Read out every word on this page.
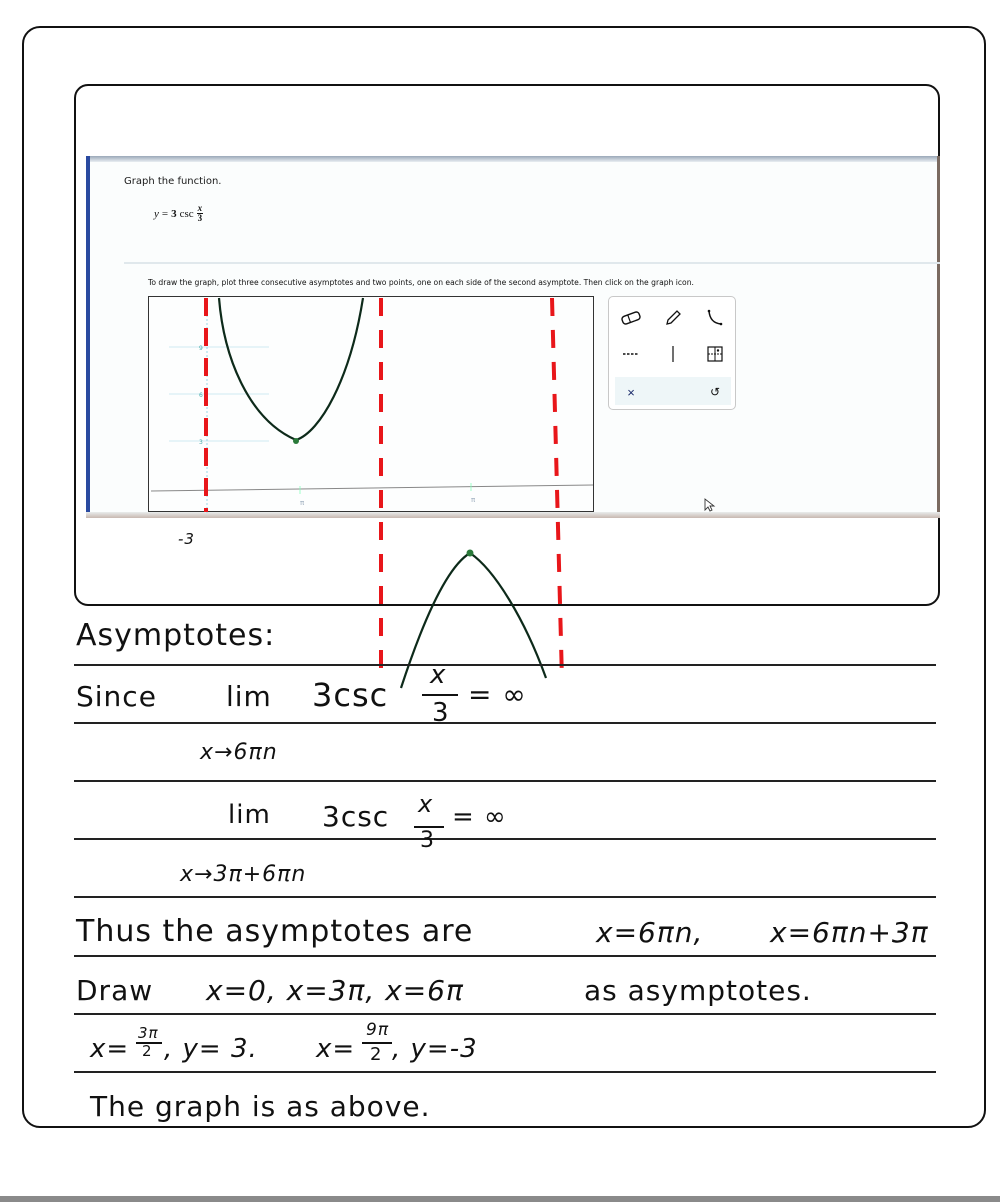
Graph the function.
y = 3 $\csc \frac{x}{3}$
To draw the graph, plot three consecutive asymptotes and two points, one on each side of the second asymptote. Then click on the graph icon.
π	π
9
6
3
×	↺
-3
Asymptotes:
Since lim 3csc
x
3
= ∞
x→6πn
lim 3csc x
3
= ∞
x→3π+6πn
Thus the asymptotes are	x=6πn, x=6πn+3π
Draw x=0, x=3π, x=6π	as asymptotes.
x=
3π
2 , y= 3. x=
9π
2 , y=-3
The graph is as above.
